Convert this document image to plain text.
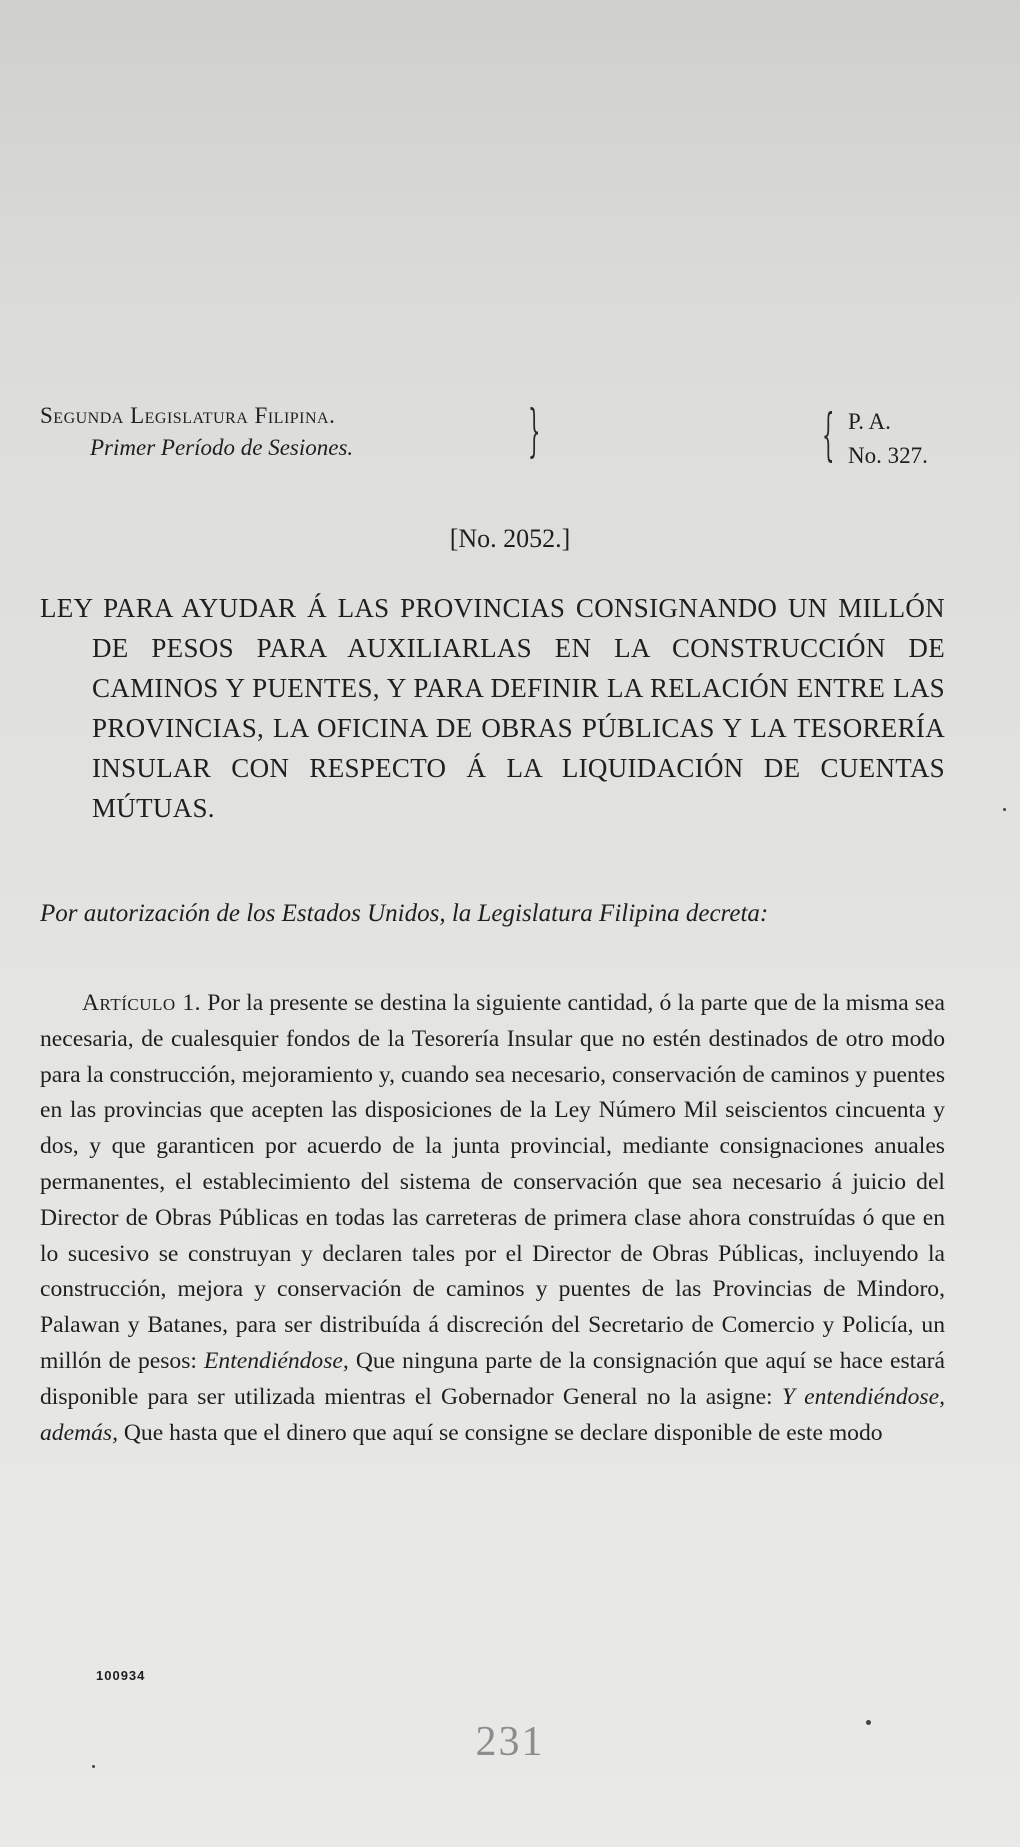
Segunda Legislatura Filipina.
Primer Período de Sesiones.	}	{ P. A.
No. 327.
[No. 2052.]
LEY PARA AYUDAR Á LAS PROVINCIAS CONSIGNANDO UN MILLÓN DE PESOS PARA AUXILIARLAS EN LA CONSTRUCCIÓN DE CAMINOS Y PUENTES, Y PARA DEFINIR LA RELACIÓN ENTRE LAS PROVINCIAS, LA OFICINA DE OBRAS PÚBLICAS Y LA TESORERÍA INSULAR CON RESPECTO Á LA LIQUIDACIÓN DE CUENTAS MÚTUAS.
Por autorización de los Estados Unidos, la Legislatura Filipina decreta:
Artículo 1. Por la presente se destina la siguiente cantidad, ó la parte que de la misma sea necesaria, de cualesquier fondos de la Tesorería Insular que no estén destinados de otro modo para la construcción, mejoramiento y, cuando sea necesario, conservación de caminos y puentes en las provincias que acepten las disposiciones de la Ley Número Mil seiscientos cincuenta y dos, y que garanticen por acuerdo de la junta provincial, mediante consignaciones anuales permanentes, el establecimiento del sistema de conservación que sea necesario á juicio del Director de Obras Públicas en todas las carreteras de primera clase ahora construídas ó que en lo sucesivo se construyan y declaren tales por el Director de Obras Públicas, incluyendo la construcción, mejora y conservación de caminos y puentes de las Provincias de Mindoro, Palawan y Batanes, para ser distribuída á discreción del Secretario de Comercio y Policía, un millón de pesos: Entendiéndose, Que ninguna parte de la consignación que aquí se hace estará disponible para ser utilizada mientras el Gobernador General no la asigne: Y entendiéndose, además, Que hasta que el dinero que aquí se consigne se declare disponible de este modo
100934
231
